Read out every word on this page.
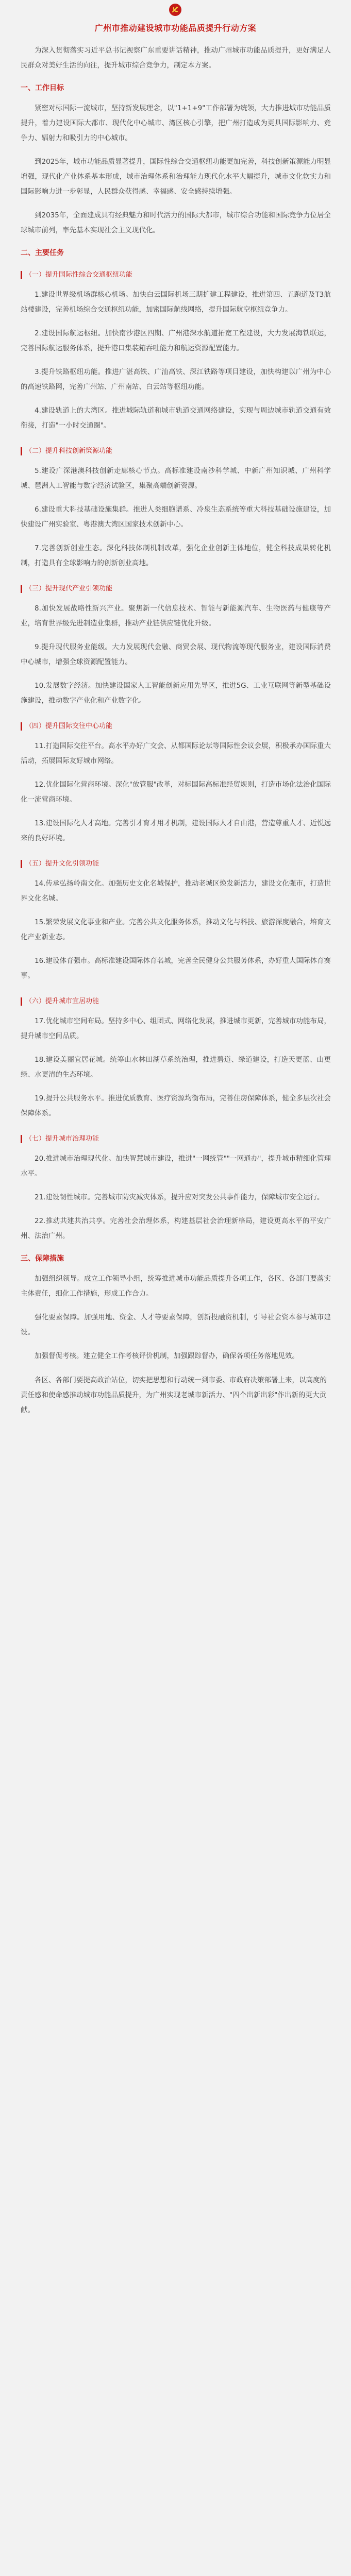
广州市推动建设城市功能品质提升行动方案

为深入贯彻落实习近平总书记视察广东重要讲话精神，推动广州城市功能品质提升，更好满足人民群众对美好生活的向往，提升城市综合竞争力，制定本方案。

一、工作目标

紧密对标国际一流城市，坚持新发展理念，以"1+1+9"工作部署为统领，大力推进城市功能品质提升，着力建设国际大都市、现代化中心城市、湾区核心引擎，把广州打造成为更具国际影响力、竞争力、辐射力和吸引力的中心城市。

到2025年，城市功能品质显著提升，国际性综合交通枢纽功能更加完善，科技创新策源能力明显增强，现代化产业体系基本形成，城市治理体系和治理能力现代化水平大幅提升，城市文化软实力和国际影响力进一步彰显，人民群众获得感、幸福感、安全感持续增强。

到2035年，全面建成具有经典魅力和时代活力的国际大都市，城市综合功能和国际竞争力位居全球城市前列，率先基本实现社会主义现代化。

二、主要任务
（一）提升国际性综合交通枢纽功能

1.建设世界级机场群核心机场。加快白云国际机场三期扩建工程建设，推进第四、五跑道及T3航站楼建设，完善机场综合交通枢纽功能，加密国际航线网络，提升国际航空枢纽竞争力。

2.建设国际航运枢纽。加快南沙港区四期、广州港深水航道拓宽工程建设，大力发展海铁联运，完善国际航运服务体系，提升港口集装箱吞吐能力和航运资源配置能力。

3.提升铁路枢纽功能。推进广湛高铁、广汕高铁、深江铁路等项目建设，加快构建以广州为中心的高速铁路网，完善广州站、广州南站、白云站等枢纽功能。

4.建设轨道上的大湾区。推进城际轨道和城市轨道交通网络建设，实现与周边城市轨道交通有效衔接，打造"一小时交通圈"。

（二）提升科技创新策源功能

5.建设广深港澳科技创新走廊核心节点。高标准建设南沙科学城、中新广州知识城、广州科学城、琶洲人工智能与数字经济试验区，集聚高端创新资源。

6.建设重大科技基础设施集群。推进人类细胞谱系、冷泉生态系统等重大科技基础设施建设，加快建设广州实验室、粤港澳大湾区国家技术创新中心。

7.完善创新创业生态。深化科技体制机制改革，强化企业创新主体地位，健全科技成果转化机制，打造具有全球影响力的创新创业高地。

（三）提升现代产业引领功能

8.加快发展战略性新兴产业。聚焦新一代信息技术、智能与新能源汽车、生物医药与健康等产业，培育世界级先进制造业集群，推动产业链供应链优化升级。

9.提升现代服务业能级。大力发展现代金融、商贸会展、现代物流等现代服务业，建设国际消费中心城市，增强全球资源配置能力。

10.发展数字经济。加快建设国家人工智能创新应用先导区，推进5G、工业互联网等新型基础设施建设，推动数字产业化和产业数字化。

（四）提升国际交往中心功能

11.打造国际交往平台。高水平办好广交会、从都国际论坛等国际性会议会展，积极承办国际重大活动，拓展国际友好城市网络。

12.优化国际化营商环境。深化"放管服"改革，对标国际高标准经贸规则，打造市场化法治化国际化一流营商环境。

13.建设国际化人才高地。完善引才育才用才机制，建设国际人才自由港，营造尊重人才、近悦远来的良好环境。

（五）提升文化引领功能

14.传承弘扬岭南文化。加强历史文化名城保护，推动老城区焕发新活力，建设文化强市，打造世界文化名城。

15.繁荣发展文化事业和产业。完善公共文化服务体系，推动文化与科技、旅游深度融合，培育文化产业新业态。

16.建设体育强市。高标准建设国际体育名城，完善全民健身公共服务体系，办好重大国际体育赛事。

（六）提升城市宜居功能

17.优化城市空间布局。坚持多中心、组团式、网络化发展，推进城市更新，完善城市功能布局，提升城市空间品质。

18.建设美丽宜居花城。统筹山水林田湖草系统治理，推进碧道、绿道建设，打造天更蓝、山更绿、水更清的生态环境。

19.提升公共服务水平。推进优质教育、医疗资源均衡布局，完善住房保障体系，健全多层次社会保障体系。

（七）提升城市治理功能

20.推进城市治理现代化。加快智慧城市建设，推进"一网统管""一网通办"，提升城市精细化管理水平。

21.建设韧性城市。完善城市防灾减灾体系，提升应对突发公共事件能力，保障城市安全运行。

22.推动共建共治共享。完善社会治理体系，构建基层社会治理新格局，建设更高水平的平安广州、法治广州。

三、保障措施

加强组织领导。成立工作领导小组，统筹推进城市功能品质提升各项工作，各区、各部门要落实主体责任，细化工作措施，形成工作合力。

强化要素保障。加强用地、资金、人才等要素保障，创新投融资机制，引导社会资本参与城市建设。

加强督促考核。建立健全工作考核评价机制，加强跟踪督办，确保各项任务落地见效。

各区、各部门要提高政治站位，切实把思想和行动统一到市委、市政府决策部署上来，以高度的责任感和使命感推动城市功能品质提升，为广州实现老城市新活力、"四个出新出彩"作出新的更大贡献。
